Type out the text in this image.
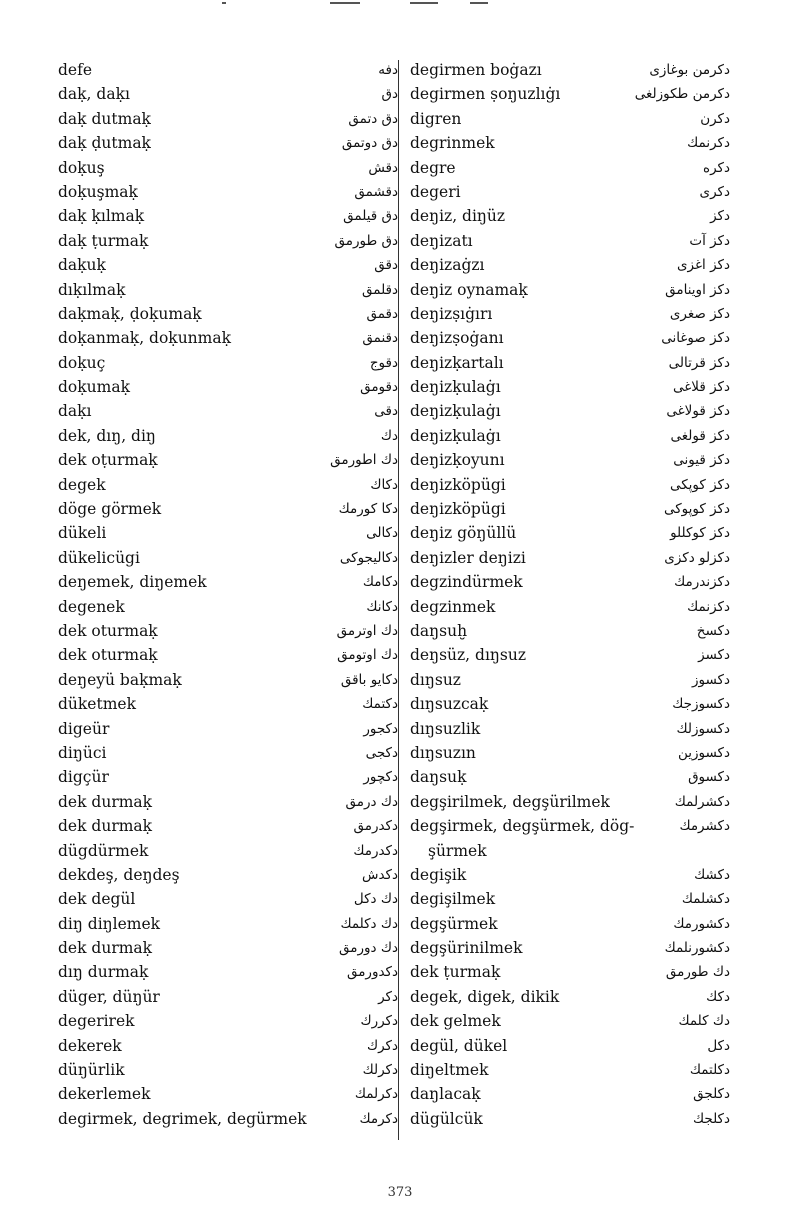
defe	دفه
daḳ, daḳı	دق
daḳ dutmaḳ	دق دتمق
daḳ ḍutmaḳ	دق دوتمق
doḳuş	دقش
doḳuşmaḳ	دقشمق
daḳ ḳılmaḳ	دق قيلمق
daḳ ṭurmaḳ	دق طورمق
daḳuḳ	دقق
dıḳılmaḳ	دقلمق
daḳmaḳ, ḍoḳumaḳ	دقمق
doḳanmaḳ, doḳunmaḳ	دقنمق
doḳuç	دقوج
doḳumaḳ	دقومق
daḳı	دقی
dek, dıŋ, diŋ	دك
dek oṭurmaḳ	دك اطورمق
degek	دكاك
döge görmek	دكا كورمك
dükeli	دكالی
dükelicügi	دكالیجوكی
deŋemek, diŋemek	دكامك
degenek	دكانك
dek oturmaḳ	دك اوترمق
dek oturmaḳ	دك اوتومق
deŋeyü baḳmaḳ	دكايو باقق
düketmek	دكتمك
digeür	دكجور
diŋüci	دكجی
digçür	دكچور
dek durmaḳ	دك درمق
dek durmaḳ	دكدرمق
dügdürmek	دكدرمك
dekdeş, deŋdeş	دكدش
dek degül	دك دكل
diŋ diŋlemek	دك دكلمك
dek durmaḳ	دك دورمق
dıŋ durmaḳ	دكدورمق
düger, düŋür	دكر
degerirek	دكررك
dekerek	دكرك
düŋürlik	دكرلك
dekerlemek	دكرلمك
degirmek, degrimek, degürmek	دكرمك
degirmen boġazı	دكرمن بوغازی
degirmen ṣoŋuzlıġı	دكرمن طكوزلغی
digren	دكرن
degrinmek	دكرنمك
degre	دكره
degeri	دكری
deŋiz, diŋüz	دكز
deŋizatı	دكز آت
deŋizaġzı	دكز اغزی
deŋiz oynamaḳ	دكز اوينامق
deŋizṣıġırı	دكز صغری
deŋizṣoġanı	دكز صوغانی
deŋizḳartalı	دكز قرتالی
deŋizḳulaġı	دكز قلاغی
deŋizḳulaġı	دكز قولاغی
deŋizḳulaġı	دكز قولغی
deŋizḳoyunı	دكز قيونی
deŋizköpügi	دكز كوپكی
deŋizköpügi	دكز كوپوكی
deŋiz göŋüllü	دكز كوكللو
deŋizler deŋizi	دكزلو دكزی
degzindürmek	دكزندرمك
degzinmek	دكزنمك
daŋsuḫ	دكسخ
deŋsüz, dıŋsuz	دكسز
dıŋsuz	دكسوز
dıŋsuzcaḳ	دكسوزجك
dıŋsuzlik	دكسوزلك
dıŋsuzın	دكسوزين
daŋsuḳ	دكسوق
degşirilmek, degşürilmek	دكشرلمك
degşirmek, degşürmek, dög-	دكشرمك
şürmek
degişik	دكشك
degişilmek	دكشلمك
degşürmek	دكشورمك
degşürinilmek	دكشورنلمك
dek ṭurmaḳ	دك طورمق
degek, digek, dikik	دكك
dek gelmek	دك كلمك
degül, dükel	دكل
diŋeltmek	دكلتمك
daŋlacaḳ	دكلجق
dügülcük	دكلجك
373
